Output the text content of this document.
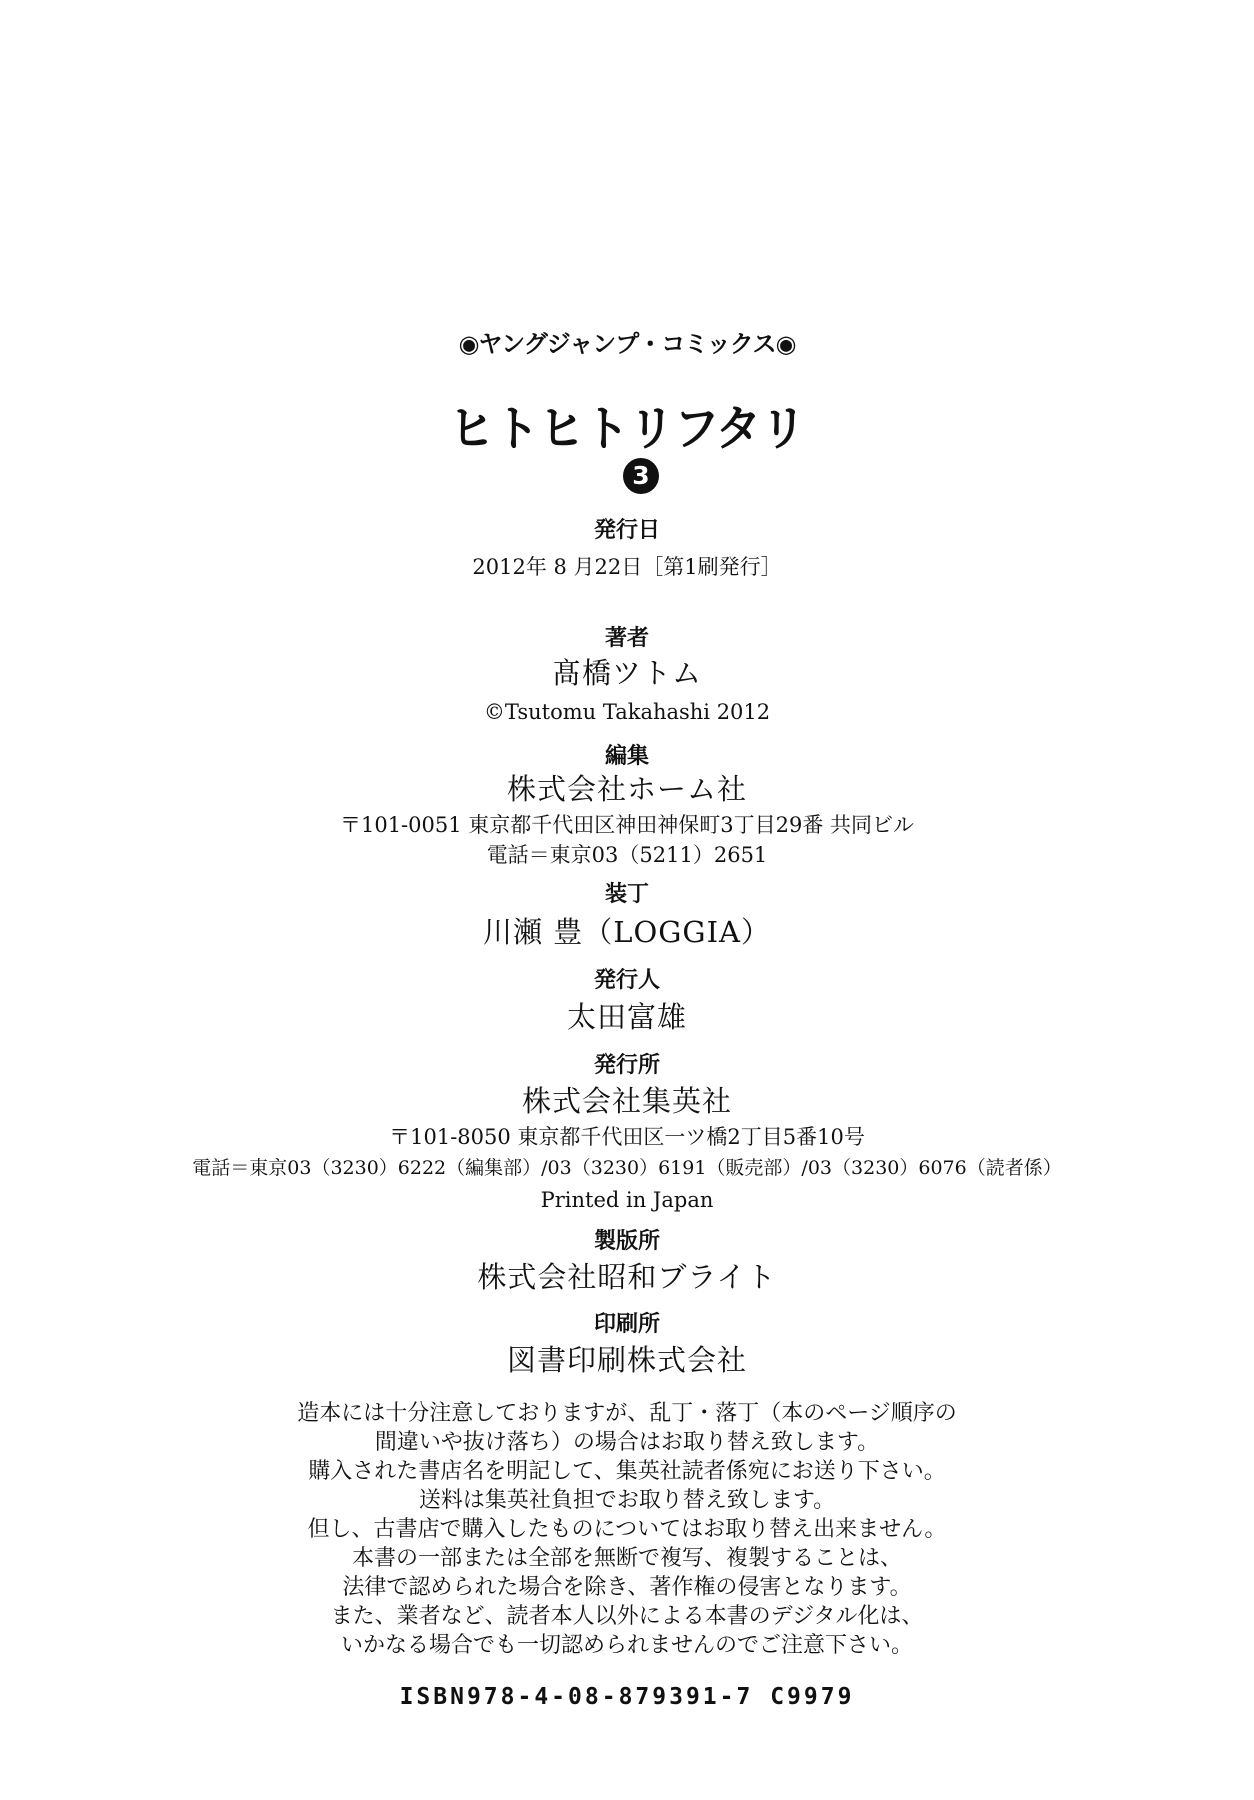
◉ヤングジャンプ・コミックス◉
ヒトヒトリフタリ
3
発行日
2012年 8 月22日［第1刷発行］
著者
髙橋ツトム
©Tsutomu Takahashi 2012
編集
株式会社ホーム社
〒101-0051 東京都千代田区神田神保町3丁目29番 共同ビル
電話＝東京03（5211）2651
装丁
川瀬 豊（LOGGIA）
発行人
太田富雄
発行所
株式会社集英社
〒101-8050 東京都千代田区一ツ橋2丁目5番10号
電話＝東京03（3230）6222（編集部）/03（3230）6191（販売部）/03（3230）6076（読者係）
Printed in Japan
製版所
株式会社昭和ブライト
印刷所
図書印刷株式会社
造本には十分注意しておりますが、乱丁・落丁（本のページ順序の
間違いや抜け落ち）の場合はお取り替え致します。
購入された書店名を明記して、集英社読者係宛にお送り下さい。
送料は集英社負担でお取り替え致します。
但し、古書店で購入したものについてはお取り替え出来ません。
本書の一部または全部を無断で複写、複製することは、
法律で認められた場合を除き、著作権の侵害となります。
また、業者など、読者本人以外による本書のデジタル化は、
いかなる場合でも一切認められませんのでご注意下さい。
ISBN978-4-08-879391-7 C9979
